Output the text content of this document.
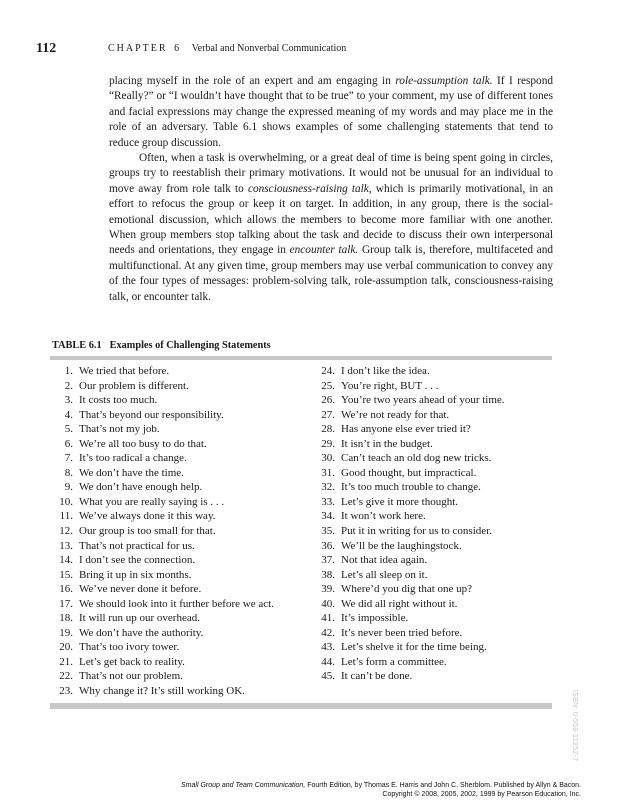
112	CHAPTER 6 Verbal and Nonverbal Communication

placing myself in the role of an expert and am engaging in role-assumption talk. If I respond “Really?” or “I wouldn’t have thought that to be true” to your comment, my use of different tones and facial expressions may change the expressed meaning of my words and may place me in the role of an adversary. Table 6.1 shows examples of some challenging statements that tend to reduce group discussion.

Often, when a task is overwhelming, or a great deal of time is being spent going in circles, groups try to reestablish their primary motivations. It would not be unusual for an individual to move away from role talk to consciousness-raising talk, which is primarily motivational, in an effort to refocus the group or keep it on target. In addition, in any group, there is the social-emotional discussion, which allows the members to become more familiar with one another. When group members stop talking about the task and decide to discuss their own interpersonal needs and orientations, they engage in encounter talk. Group talk is, therefore, multifaceted and multifunctional. At any given time, group members may use verbal communication to convey any of the four types of messages: problem-solving talk, role-assumption talk, consciousness-raising talk, or encounter talk.

TABLE 6.1 Examples of Challenging Statements
1. We tried that before.
2. Our problem is different.
3. It costs too much.
4. That’s beyond our responsibility.
5. That’s not my job.
6. We’re all too busy to do that.
7. It’s too radical a change.
8. We don’t have the time.
9. We don’t have enough help.
10. What you are really saying is . . .
11. We’ve always done it this way.
12. Our group is too small for that.
13. That’s not practical for us.
14. I don’t see the connection.
15. Bring it up in six months.
16. We’ve never done it before.
17. We should look into it further before we act.
18. It will run up our overhead.
19. We don’t have the authority.
20. That’s too ivory tower.
21. Let’s get back to reality.
22. That’s not our problem.
23. Why change it? It’s still working OK.
24. I don’t like the idea.
25. You’re right, BUT . . .
26. You’re two years ahead of your time.
27. We’re not ready for that.
28. Has anyone else ever tried it?
29. It isn’t in the budget.
30. Can’t teach an old dog new tricks.
31. Good thought, but impractical.
32. It’s too much trouble to change.
33. Let’s give it more thought.
34. It won’t work here.
35. Put it in writing for us to consider.
36. We’ll be the laughingstock.
37. Not that idea again.
38. Let’s all sleep on it.
39. Where’d you dig that one up?
40. We did all right without it.
41. It’s impossible.
42. It’s never been tried before.
43. Let’s shelve it for the time being.
44. Let’s form a committee.
45. It can’t be done.
ISBN: 0-558-11252-7
Small Group and Team Communication, Fourth Edition, by Thomas E. Harris and John C. Sherblom. Published by Allyn & Bacon.
Copyright © 2008, 2005, 2002, 1999 by Pearson Education, Inc.
